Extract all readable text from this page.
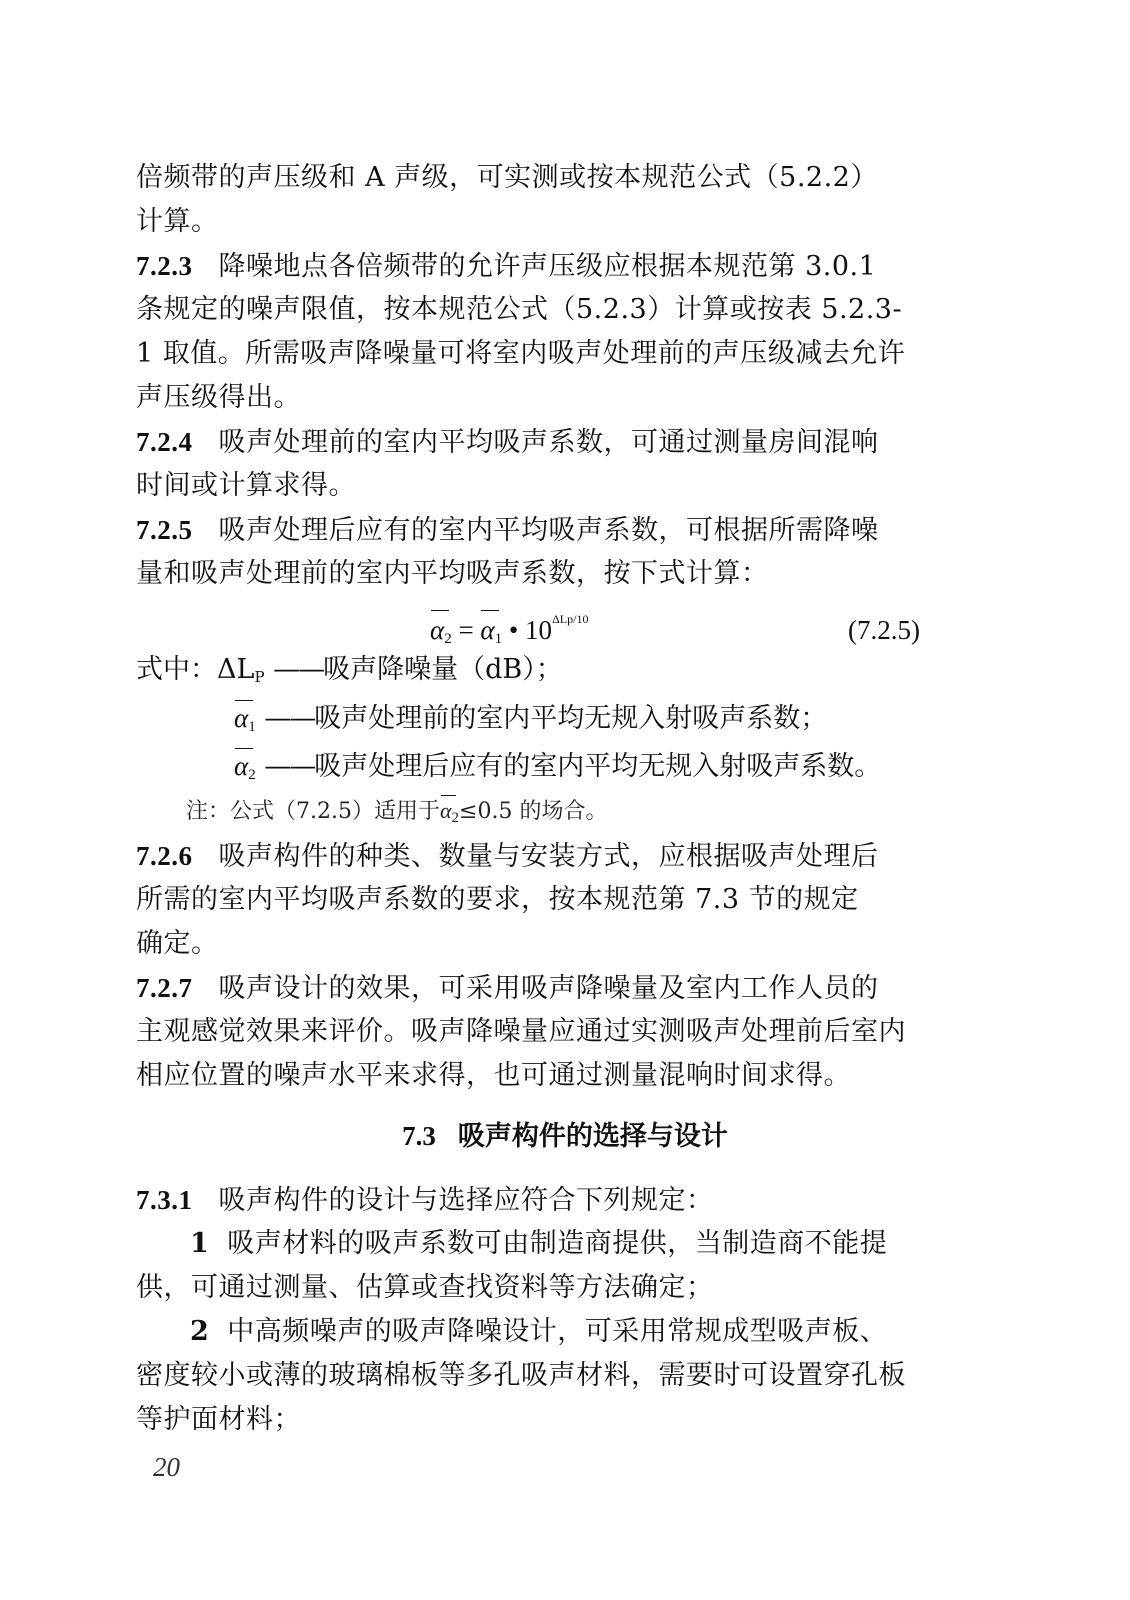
倍频带的声压级和 A 声级，可实测或按本规范公式（5.2.2）
计算。
7.2.3 降噪地点各倍频带的允许声压级应根据本规范第 3.0.1
条规定的噪声限值，按本规范公式（5.2.3）计算或按表 5.2.3-
1 取值。所需吸声降噪量可将室内吸声处理前的声压级减去允许
声压级得出。
7.2.4 吸声处理前的室内平均吸声系数，可通过测量房间混响
时间或计算求得。
7.2.5 吸声处理后应有的室内平均吸声系数，可根据所需降噪
量和吸声处理前的室内平均吸声系数，按下式计算：
$\alpha_2 = \alpha_1$ • 10ΔLp/10	(7.2.5)
式中：ΔLP ——吸声降噪量（dB）；
$\alpha_1$ ——吸声处理前的室内平均无规入射吸声系数；
$\alpha_2$ ——吸声处理后应有的室内平均无规入射吸声系数。
注：公式（7.2.5）适用于$\alpha_2\le 0.5$ 的场合。
7.2.6 吸声构件的种类、数量与安装方式，应根据吸声处理后
所需的室内平均吸声系数的要求，按本规范第 7.3 节的规定
确定。
7.2.7 吸声设计的效果，可采用吸声降噪量及室内工作人员的
主观感觉效果来评价。吸声降噪量应通过实测吸声处理前后室内
相应位置的噪声水平来求得，也可通过测量混响时间求得。
7.3 吸声构件的选择与设计
7.3.1 吸声构件的设计与选择应符合下列规定：
1 吸声材料的吸声系数可由制造商提供，当制造商不能提
供，可通过测量、估算或查找资料等方法确定；
2 中高频噪声的吸声降噪设计，可采用常规成型吸声板、
密度较小或薄的玻璃棉板等多孔吸声材料，需要时可设置穿孔板
等护面材料；
20
